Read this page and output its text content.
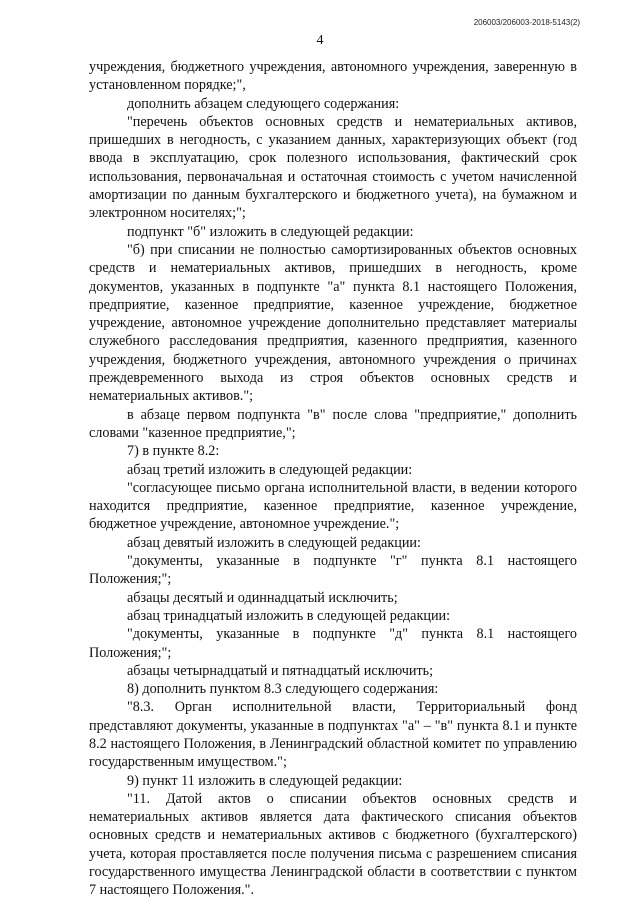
206003/206003-2018-5143(2)
4

учреждения, бюджетного учреждения, автономного учреждения, заверенную в установленном порядке;",

дополнить абзацем следующего содержания:

"перечень объектов основных средств и нематериальных активов, пришедших в негодность, с указанием данных, характеризующих объект (год ввода в эксплуатацию, срок полезного использования, фактический срок использования, первоначальная и остаточная стоимость с учетом начисленной амортизации по данным бухгалтерского и бюджетного учета), на бумажном и электронном носителях;";

подпункт "б" изложить в следующей редакции:

"б) при списании не полностью самортизированных объектов основных средств и нематериальных активов, пришедших в негодность, кроме документов, указанных в подпункте "а" пункта 8.1 настоящего Положения, предприятие, казенное предприятие, казенное учреждение, бюджетное учреждение, автономное учреждение дополнительно представляет материалы служебного расследования предприятия, казенного предприятия, казенного учреждения, бюджетного учреждения, автономного учреждения о причинах преждевременного выхода из строя объектов основных средств и нематериальных активов.";

в абзаце первом подпункта "в" после слова "предприятие," дополнить словами "казенное предприятие,";

7) в пункте 8.2:

абзац третий изложить в следующей редакции:

"согласующее письмо органа исполнительной власти, в ведении которого находится предприятие, казенное предприятие, казенное учреждение, бюджетное учреждение, автономное учреждение.";

абзац девятый изложить в следующей редакции:

"документы, указанные в подпункте "г" пункта 8.1 настоящего Положения;";

абзацы десятый и одиннадцатый исключить;

абзац тринадцатый изложить в следующей редакции:

"документы, указанные в подпункте "д" пункта 8.1 настоящего Положения;";

абзацы четырнадцатый и пятнадцатый исключить;

8) дополнить пунктом 8.3 следующего содержания:

"8.3. Орган исполнительной власти, Территориальный фонд представляют документы, указанные в подпунктах "а" – "в" пункта 8.1 и пункте 8.2 настоящего Положения, в Ленинградский областной комитет по управлению государственным имуществом.";

9) пункт 11 изложить в следующей редакции:

"11. Датой актов о списании объектов основных средств и нематериальных активов является дата фактического списания объектов основных средств и нематериальных активов с бюджетного (бухгалтерского) учета, которая проставляется после получения письма с разрешением списания государственного имущества Ленинградской области в соответствии с пунктом 7 настоящего Положения.".
